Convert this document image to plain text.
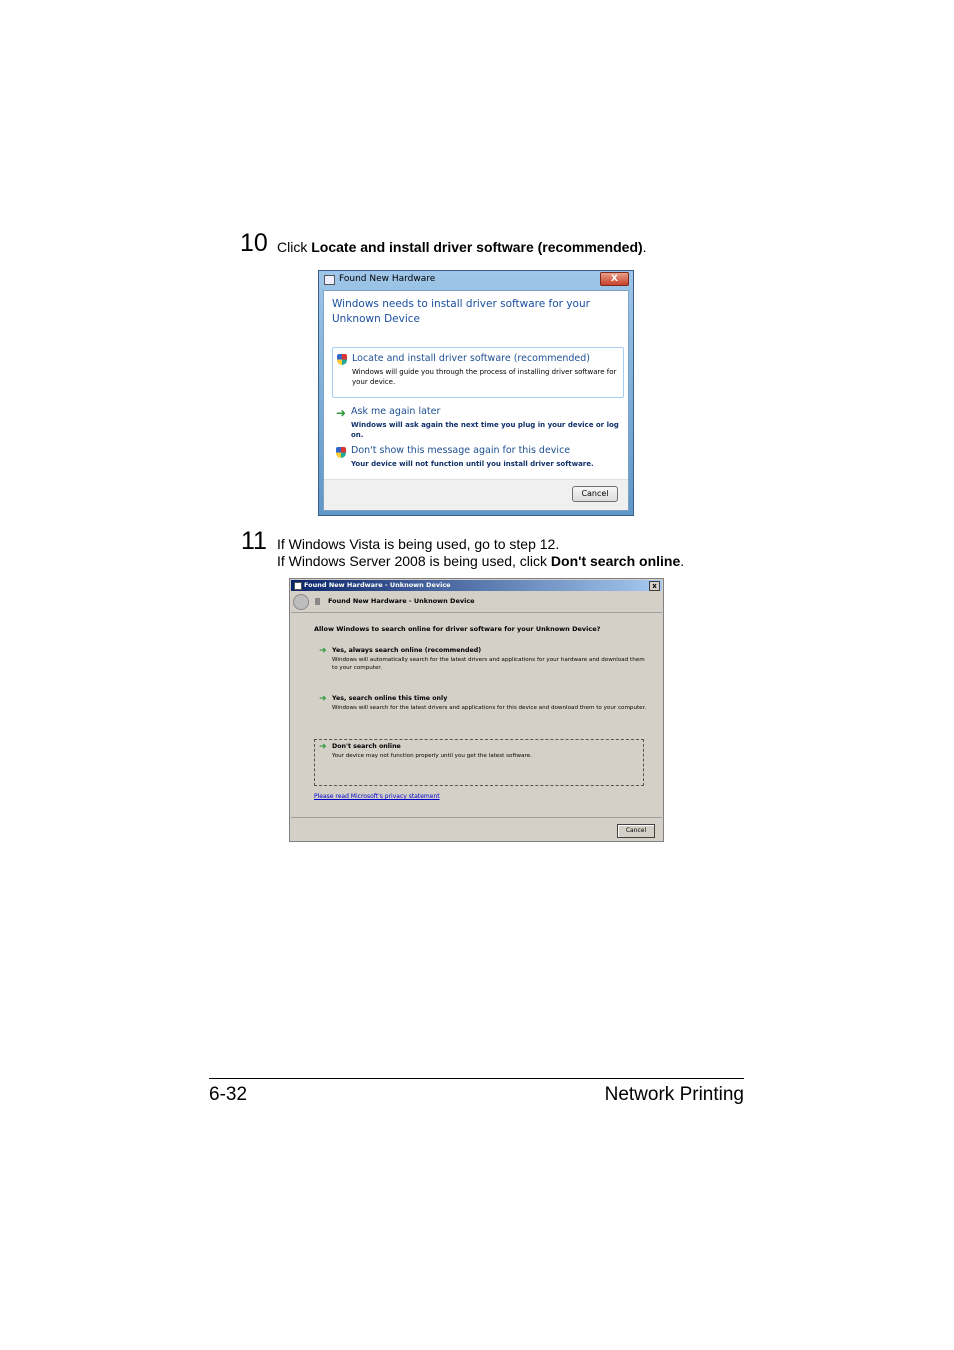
10 Click Locate and install driver software (recommended).
Found New Hardware	X
Windows needs to install driver software for your Unknown Device
Locate and install driver software (recommended)
Windows will guide you through the process of installing driver software for your device.
➜ Ask me again later
Windows will ask again the next time you plug in your device or log on.
Don't show this message again for this device
Your device will not function until you install driver software.
Cancel
11 If Windows Vista is being used, go to step 12.
If Windows Server 2008 is being used, click Don't search online.
Found New Hardware - Unknown Device	x
Found New Hardware - Unknown Device
Allow Windows to search online for driver software for your Unknown Device?
➜ Yes, always search online (recommended)
Windows will automatically search for the latest drivers and applications for your hardware and download them to your computer.
➜ Yes, search online this time only
Windows will search for the latest drivers and applications for this device and download them to your computer.
➜ Don't search online
Your device may not function properly until you get the latest software.
Please read Microsoft's privacy statement
Cancel
6-32	Network Printing
